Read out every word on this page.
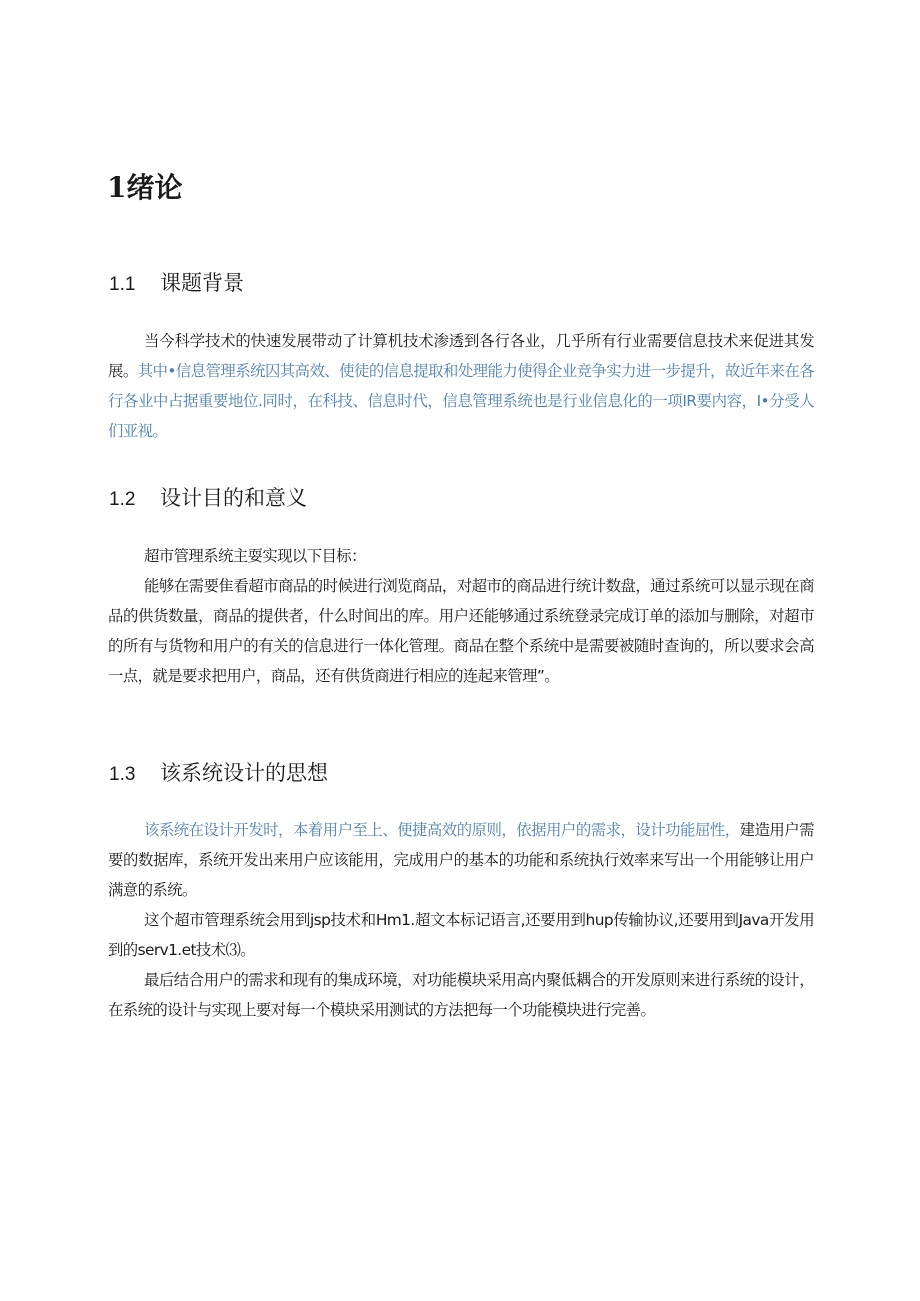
1绪论
1.1 课题背景

当今科学技术的快速发展带动了计算机技术渗透到各行各业，几乎所有行业需要信息技术来促进其发展。其中•信息管理系统囚其高效、使徒的信息提取和处理能力使得企业竞争实力进一步提升，故近年来在各行各业中占据重要地位.同时，在科技、信息时代，信息管理系统也是行业信息化的一项IR要内容，I•分受人们亚视。

1.2 设计目的和意义

超市管理系统主耍实现以下目标：

能够在需要隹看超市商品的时候进行浏览商品，对超市的商品进行统计数盘，通过系统可以显示现在商品的供货数量，商品的提供者，什么时间出的库。用户还能够通过系统登录完成订单的添加与删除，对超市的所有与货物和用户的有关的信息进行一体化管理。商品在整个系统中是需要被随时查询的，所以要求会高一点，就是要求把用户，商品，还有供货商进行相应的连起来管理”。

1.3 该系统设计的思想

该系统在设计开发时，本着用户至上、便捷高效的原则，依据用户的需求，设计功能屈性，建造用户需要的数据库，系统开发出来用户应该能用，完成用户的基本的功能和系统执行效率来写出一个用能够让用户满意的系统。

这个超市管理系统会用到jsp技术和Hm1.超文本标记语言,还要用到hup传输协议,还要用到Java开发用到的serv1.et技术⑶。

最后结合用户的需求和现有的集成环境，对功能模块采用高内聚低耦合的开发原则来进行系统的设计，在系统的设计与实现上要对每一个模块采用测试的方法把每一个功能模块进行完善。
